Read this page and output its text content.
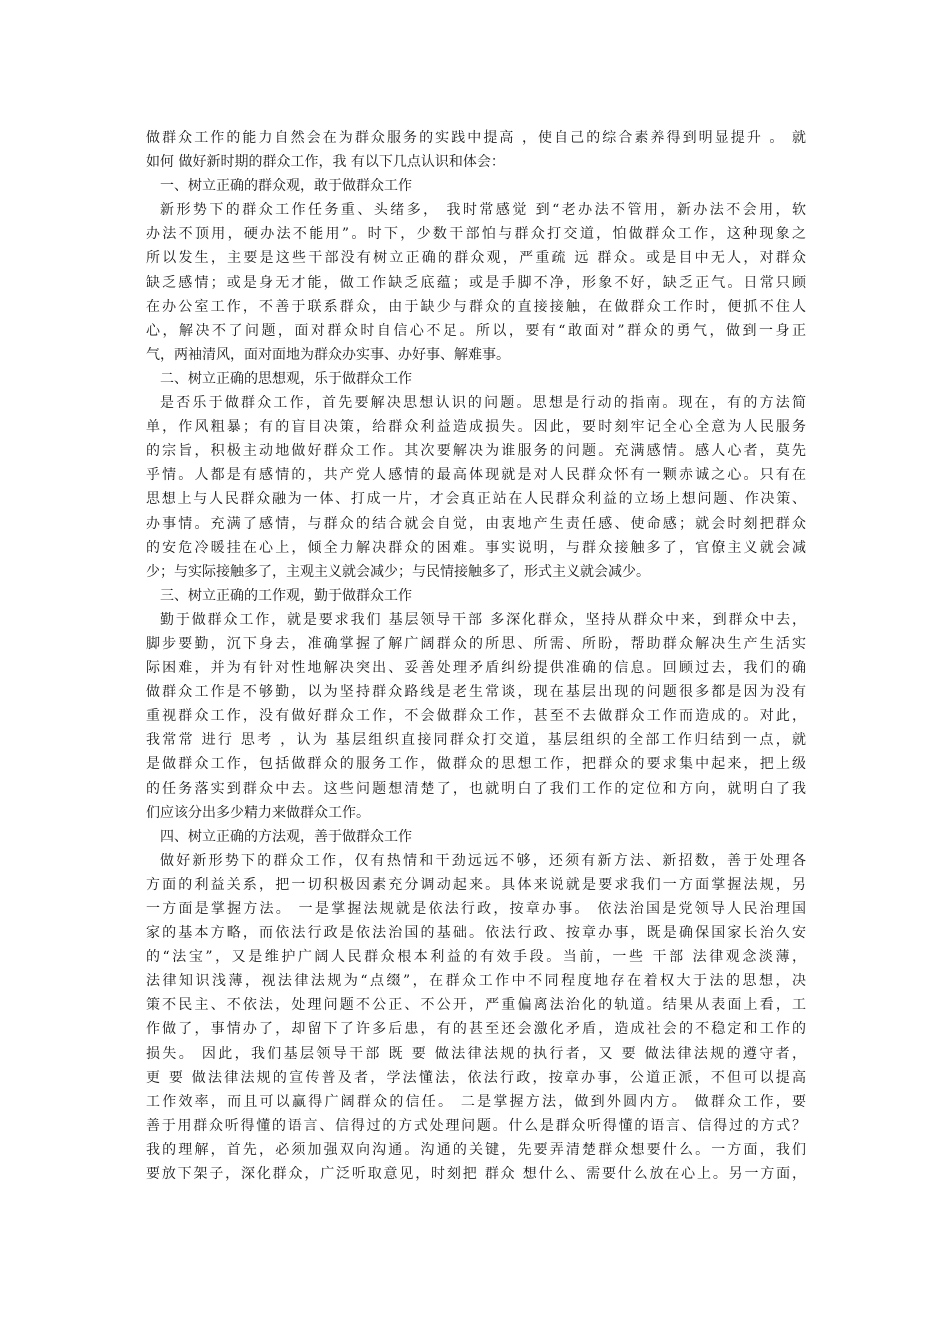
做群众工作的能力自然会在为群众服务的实践中提高 ，使自己的综合素养得到明显提升 。 就
如何 做好新时期的群众工作，我 有以下几点认识和体会：
一、树立正确的群众观，敢于做群众工作
新形势下的群众工作任务重、头绪多， 我时常感觉 到“老办法不管用，新办法不会用，软
办法不顶用，硬办法不能用”。时下，少数干部怕与群众打交道，怕做群众工作，这种现象之
所以发生，主要是这些干部没有树立正确的群众观，严重疏 远 群众。或是目中无人，对群众
缺乏感情；或是身无才能，做工作缺乏底蕴；或是手脚不净，形象不好，缺乏正气。日常只顾
在办公室工作，不善于联系群众，由于缺少与群众的直接接触，在做群众工作时，便抓不住人
心，解决不了问题，面对群众时自信心不足。所以，要有“敢面对”群众的勇气，做到一身正
气，两袖清风，面对面地为群众办实事、办好事、解难事。
二、树立正确的思想观，乐于做群众工作
是否乐于做群众工作，首先要解决思想认识的问题。思想是行动的指南。现在，有的方法简
单，作风粗暴；有的盲目决策，给群众利益造成损失。因此，要时刻牢记全心全意为人民服务
的宗旨，积极主动地做好群众工作。其次要解决为谁服务的问题。充满感情。感人心者，莫先
乎情。人都是有感情的，共产党人感情的最高体现就是对人民群众怀有一颗赤诚之心。只有在
思想上与人民群众融为一体、打成一片，才会真正站在人民群众利益的立场上想问题、作决策、
办事情。充满了感情，与群众的结合就会自觉，由衷地产生责任感、使命感；就会时刻把群众
的安危冷暖挂在心上，倾全力解决群众的困难。事实说明，与群众接触多了，官僚主义就会减
少；与实际接触多了，主观主义就会减少；与民情接触多了，形式主义就会减少。
三、树立正确的工作观，勤于做群众工作
勤于做群众工作，就是要求我们 基层领导干部 多深化群众，坚持从群众中来，到群众中去，
脚步要勤，沉下身去，准确掌握了解广阔群众的所思、所需、所盼，帮助群众解决生产生活实
际困难，并为有针对性地解决突出、妥善处理矛盾纠纷提供准确的信息。回顾过去，我们的确
做群众工作是不够勤，以为坚持群众路线是老生常谈，现在基层出现的问题很多都是因为没有
重视群众工作，没有做好群众工作，不会做群众工作，甚至不去做群众工作而造成的。对此，
我常常 进行 思考 ，认为 基层组织直接同群众打交道，基层组织的全部工作归结到一点，就
是做群众工作，包括做群众的服务工作，做群众的思想工作，把群众的要求集中起来，把上级
的任务落实到群众中去。这些问题想清楚了，也就明白了我们工作的定位和方向，就明白了我
们应该分出多少精力来做群众工作。
四、树立正确的方法观，善于做群众工作
做好新形势下的群众工作，仅有热情和干劲远远不够，还须有新方法、新招数，善于处理各
方面的利益关系，把一切积极因素充分调动起来。具体来说就是要求我们一方面掌握法规，另
一方面是掌握方法。 一是掌握法规就是依法行政，按章办事。 依法治国是党领导人民治理国
家的基本方略，而依法行政是依法治国的基础。依法行政、按章办事，既是确保国家长治久安
的“法宝”，又是维护广阔人民群众根本利益的有效手段。当前，一些 干部 法律观念淡薄，
法律知识浅薄，视法律法规为“点缀”，在群众工作中不同程度地存在着权大于法的思想，决
策不民主、不依法，处理问题不公正、不公开，严重偏离法治化的轨道。结果从表面上看，工
作做了，事情办了，却留下了许多后患，有的甚至还会激化矛盾，造成社会的不稳定和工作的
损失。 因此，我们基层领导干部 既 要 做法律法规的执行者，又 要 做法律法规的遵守者，
更 要 做法律法规的宣传普及者，学法懂法，依法行政，按章办事，公道正派，不但可以提高
工作效率，而且可以赢得广阔群众的信任。 二是掌握方法，做到外圆内方。 做群众工作，要
善于用群众听得懂的语言、信得过的方式处理问题。什么是群众听得懂的语言、信得过的方式？
我的理解，首先，必须加强双向沟通。沟通的关键，先要弄清楚群众想要什么。一方面，我们
要放下架子，深化群众，广泛听取意见，时刻把 群众 想什么、需要什么放在心上。另一方面，
